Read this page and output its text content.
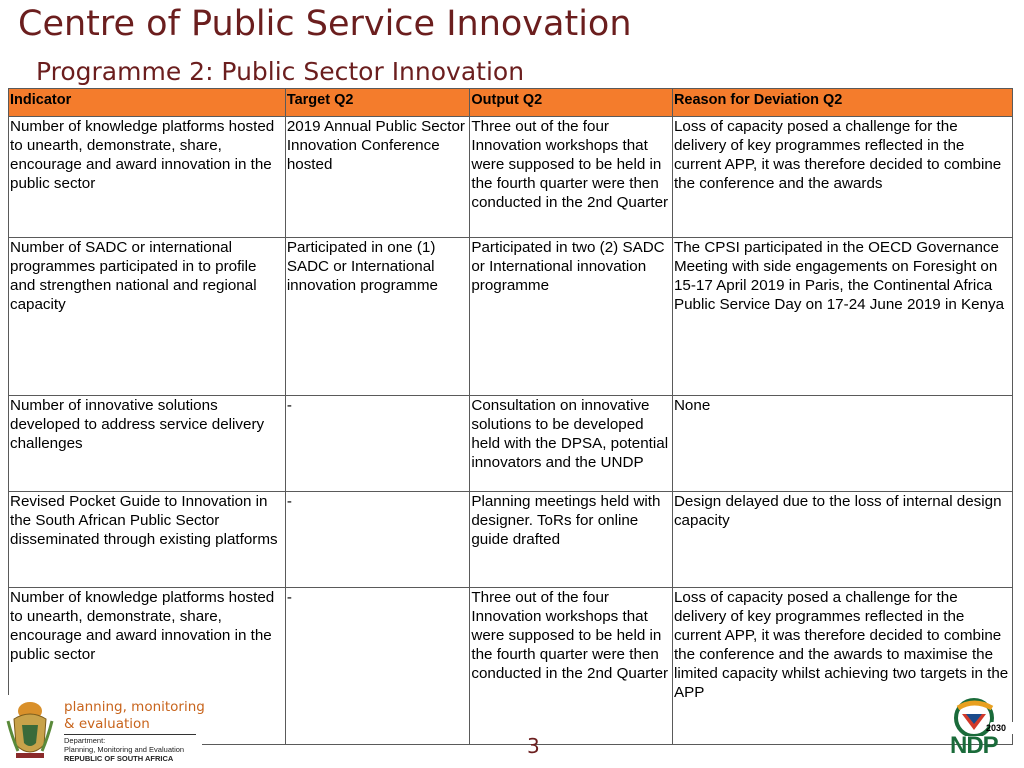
Centre of Public Service Innovation
Programme 2: Public Sector Innovation
Indicator	Target Q2	Output Q2	Reason for Deviation Q2
Number of knowledge platforms hosted to unearth, demonstrate, share, encourage and award innovation in the public sector	2019 Annual Public Sector Innovation Conference hosted	Three out of the four Innovation workshops that were supposed to be held in the fourth quarter were then conducted in the 2nd Quarter	Loss of capacity posed a challenge for the delivery of key programmes reflected in the current APP, it was therefore decided to combine the conference and the awards
Number of SADC or international programmes participated in to profile and strengthen national and regional capacity	Participated in one (1) SADC or International innovation programme	Participated in two (2) SADC or International innovation programme	The CPSI participated in the OECD Governance Meeting with side engagements on Foresight on 15-17 April 2019 in Paris, the Continental Africa Public Service Day on 17-24 June 2019 in Kenya
Number of innovative solutions developed to address service delivery challenges	-	Consultation on innovative solutions to be developed held with the DPSA, potential innovators and the UNDP	None
Revised Pocket Guide to Innovation in the South African Public Sector disseminated through existing platforms	-	Planning meetings held with designer. ToRs for online guide drafted	Design delayed due to the loss of internal design capacity
Number of knowledge platforms hosted to unearth, demonstrate, share, encourage and award innovation in the public sector	-	Three out of the four Innovation workshops that were supposed to be held in the fourth quarter were then conducted in the 2nd Quarter	Loss of capacity posed a challenge for the delivery of key programmes reflected in the current APP, it was therefore decided to combine the conference and the awards to maximise the limited capacity whilst achieving two targets in the APP
planning, monitoring
& evaluation
Department:
Planning, Monitoring and Evaluation
REPUBLIC OF SOUTH AFRICA
3
2030
NDP
